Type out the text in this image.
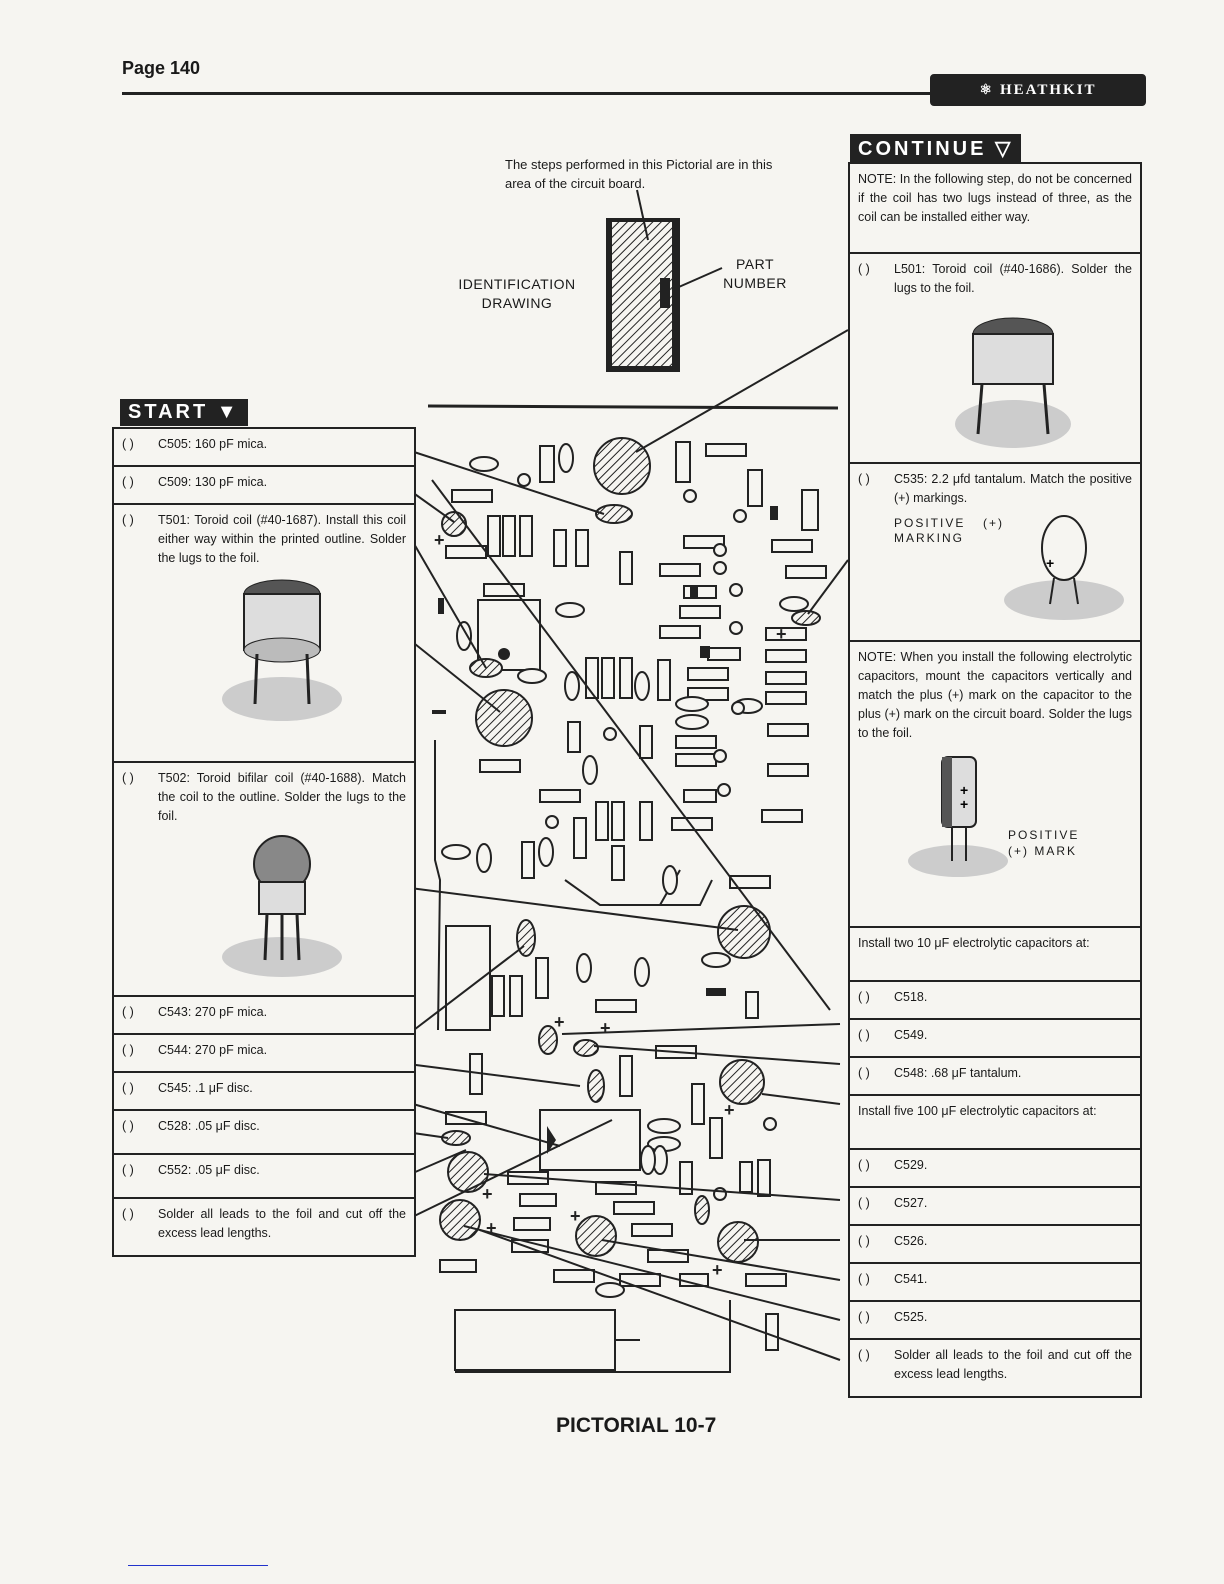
Page 140
⚛ HEATHKIT
The steps performed in this Pictorial are in this area of the circuit board.
IDENTIFICATION DRAWING
PART NUMBER
+
+
+ +
+
+
+
+
+
START ▼
( ) C505: 160 pF mica.
( ) C509: 130 pF mica.
( ) T501: Toroid coil (#40-1687). Install this coil either way within the printed outline. Solder the lugs to the foil.
( ) T502: Toroid bifilar coil (#40-1688). Match the coil to the outline. Solder the lugs to the foil.
( ) C543: 270 pF mica.
( ) C544: 270 pF mica.
( ) C545: .1 μF disc.
( ) C528: .05 μF disc.
( ) C552: .05 μF disc.
( ) Solder all leads to the foil and cut off the excess lead lengths.
CONTINUE ▽
NOTE: In the following step, do not be concerned if the coil has two lugs instead of three, as the coil can be installed either way.
( ) L501: Toroid coil (#40-1686). Solder the lugs to the foil.
( ) C535: 2.2 μfd tantalum. Match the positive (+) markings.
POSITIVE (+) MARKING
+
NOTE: When you install the following electrolytic capacitors, mount the capacitors vertically and match the plus (+) mark on the capacitor to the plus (+) mark on the circuit board. Solder the lugs to the foil.
+
+
POSITIVE (+) MARK
Install two 10 μF electrolytic capacitors at:
( ) C518.
( ) C549.
( ) C548: .68 μF tantalum.
Install five 100 μF electrolytic capacitors at:
( ) C529.
( ) C527.
( ) C526.
( ) C541.
( ) C525.
( ) Solder all leads to the foil and cut off the excess lead lengths.
PICTORIAL 10-7
